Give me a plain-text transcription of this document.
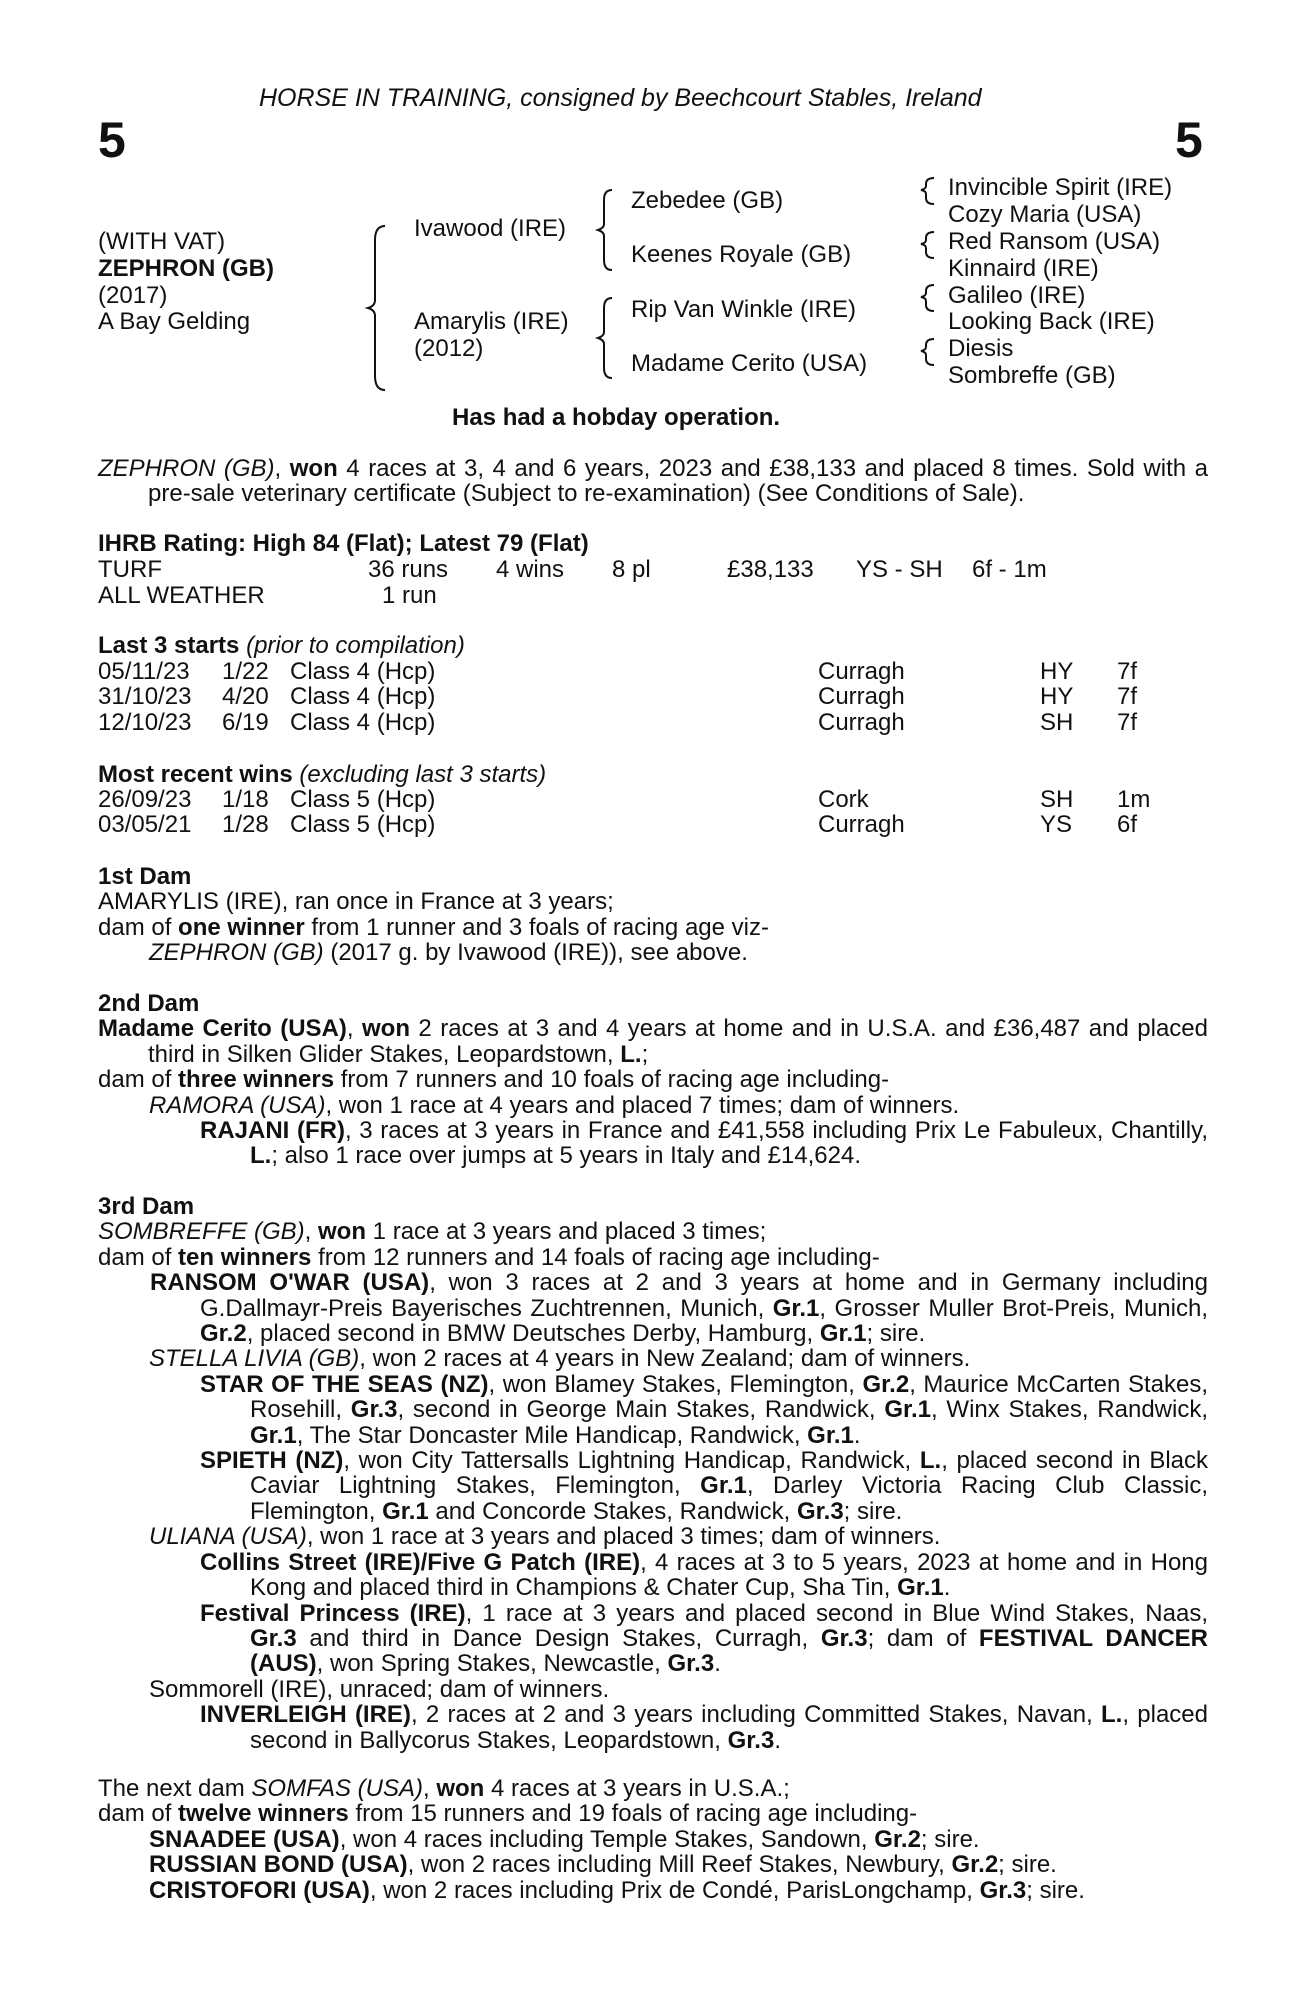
HORSE IN TRAINING, consigned by Beechcourt Stables, Ireland
5	5
(WITH VAT)
ZEPHRON (GB)
(2017)
A Bay Gelding
Ivawood (IRE)
Amarylis (IRE)
(2012)
Zebedee (GB)
Keenes Royale (GB)
Rip Van Winkle (IRE)
Madame Cerito (USA)
Invincible Spirit (IRE)
Cozy Maria (USA)
Red Ransom (USA)
Kinnaird (IRE)
Galileo (IRE)
Looking Back (IRE)
Diesis
Sombreffe (GB)
Has had a hobday operation.

ZEPHRON (GB), won 4 races at 3, 4 and 6 years, 2023 and £38,133 and placed 8 times. Sold with a pre-sale veterinary certificate (Subject to re-examination) (See Conditions of Sale).

IHRB Rating: High 84 (Flat); Latest 79 (Flat)
TURF	36 runs 4 wins 8 pl	£38,133 YS - SH 6f - 1m
ALL WEATHER	1 run
Last 3 starts (prior to compilation)
05/11/23 1/22 Class 4 (Hcp)	Curragh	HY 7f
31/10/23 4/20 Class 4 (Hcp)	Curragh	HY 7f
12/10/23 6/19 Class 4 (Hcp)	Curragh	SH 7f
Most recent wins (excluding last 3 starts)
26/09/23 1/18 Class 5 (Hcp)	Cork	SH 1m
03/05/21 1/28 Class 5 (Hcp)	Curragh	YS 6f

1st Dam

AMARYLIS (IRE), ran once in France at 3 years;

dam of one winner from 1 runner and 3 foals of racing age viz-

ZEPHRON (GB) (2017 g. by Ivawood (IRE)), see above.

2nd Dam

Madame Cerito (USA), won 2 races at 3 and 4 years at home and in U.S.A. and £36,487 and placed third in Silken Glider Stakes, Leopardstown, L.;

dam of three winners from 7 runners and 10 foals of racing age including-

RAMORA (USA), won 1 race at 4 years and placed 7 times; dam of winners.

RAJANI (FR), 3 races at 3 years in France and £41,558 including Prix Le Fabuleux, Chantilly, L.; also 1 race over jumps at 5 years in Italy and £14,624.

3rd Dam

SOMBREFFE (GB), won 1 race at 3 years and placed 3 times;

dam of ten winners from 12 runners and 14 foals of racing age including-

RANSOM O'WAR (USA), won 3 races at 2 and 3 years at home and in Germany including G.Dallmayr-Preis Bayerisches Zuchtrennen, Munich, Gr.1, Grosser Muller Brot-Preis, Munich, Gr.2, placed second in BMW Deutsches Derby, Hamburg, Gr.1; sire.

STELLA LIVIA (GB), won 2 races at 4 years in New Zealand; dam of winners.

STAR OF THE SEAS (NZ), won Blamey Stakes, Flemington, Gr.2, Maurice McCarten Stakes, Rosehill, Gr.3, second in George Main Stakes, Randwick, Gr.1, Winx Stakes, Randwick, Gr.1, The Star Doncaster Mile Handicap, Randwick, Gr.1.

SPIETH (NZ), won City Tattersalls Lightning Handicap, Randwick, L., placed second in Black Caviar Lightning Stakes, Flemington, Gr.1, Darley Victoria Racing Club Classic, Flemington, Gr.1 and Concorde Stakes, Randwick, Gr.3; sire.

ULIANA (USA), won 1 race at 3 years and placed 3 times; dam of winners.

Collins Street (IRE)/Five G Patch (IRE), 4 races at 3 to 5 years, 2023 at home and in Hong Kong and placed third in Champions & Chater Cup, Sha Tin, Gr.1.

Festival Princess (IRE), 1 race at 3 years and placed second in Blue Wind Stakes, Naas, Gr.3 and third in Dance Design Stakes, Curragh, Gr.3; dam of FESTIVAL DANCER (AUS), won Spring Stakes, Newcastle, Gr.3.

Sommorell (IRE), unraced; dam of winners.

INVERLEIGH (IRE), 2 races at 2 and 3 years including Committed Stakes, Navan, L., placed second in Ballycorus Stakes, Leopardstown, Gr.3.

The next dam SOMFAS (USA), won 4 races at 3 years in U.S.A.;

dam of twelve winners from 15 runners and 19 foals of racing age including-

SNAADEE (USA), won 4 races including Temple Stakes, Sandown, Gr.2; sire.

RUSSIAN BOND (USA), won 2 races including Mill Reef Stakes, Newbury, Gr.2; sire.

CRISTOFORI (USA), won 2 races including Prix de Condé, ParisLongchamp, Gr.3; sire.
